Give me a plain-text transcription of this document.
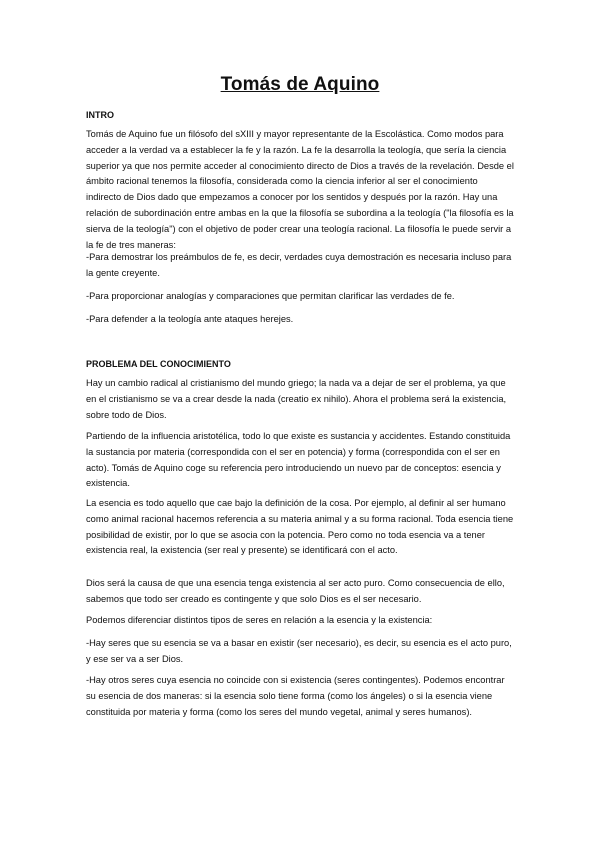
Tomás de Aquino
INTRO

Tomás de Aquino fue un filósofo del sXIII y mayor representante de la Escolástica. Como modos para acceder a la verdad va a establecer la fe y la razón. La fe la desarrolla la teología, que sería la ciencia superior ya que nos permite acceder al conocimiento directo de Dios a través de la revelación. Desde el ámbito racional tenemos la filosofía, considerada como la ciencia inferior al ser el conocimiento indirecto de Dios dado que empezamos a conocer por los sentidos y después por la razón. Hay una relación de subordinación entre ambas en la que la filosofía se subordina a la teología ("la filosofía es la sierva de la teología") con el objetivo de poder crear una teología racional. La filosofía le puede servir a la fe de tres maneras:

-Para demostrar los preámbulos de fe, es decir, verdades cuya demostración es necesaria incluso para la gente creyente.

-Para proporcionar analogías y comparaciones que permitan clarificar las verdades de fe.

-Para defender a la teología ante ataques herejes.

PROBLEMA DEL CONOCIMIENTO

Hay un cambio radical al cristianismo del mundo griego; la nada va a dejar de ser el problema, ya que en el cristianismo se va a crear desde la nada (creatio ex nihilo). Ahora el problema será la existencia, sobre todo de Dios.

Partiendo de la influencia aristotélica, todo lo que existe es sustancia y accidentes. Estando constituida la sustancia por materia (correspondida con el ser en potencia) y forma (correspondida con el ser en acto). Tomás de Aquino coge su referencia pero introduciendo un nuevo par de conceptos: esencia y existencia.

La esencia es todo aquello que cae bajo la definición de la cosa. Por ejemplo, al definir al ser humano como animal racional hacemos referencia a su materia animal y a su forma racional. Toda esencia tiene posibilidad de existir, por lo que se asocia con la potencia. Pero como no toda esencia va a tener existencia real, la existencia (ser real y presente) se identificará con el acto.

Dios será la causa de que una esencia tenga existencia al ser acto puro. Como consecuencia de ello, sabemos que todo ser creado es contingente y que solo Dios es el ser necesario.

Podemos diferenciar distintos tipos de seres en relación a la esencia y la existencia:

-Hay seres que su esencia se va a basar en existir (ser necesario), es decir, su esencia es el acto puro, y ese ser va a ser Dios.

-Hay otros seres cuya esencia no coincide con si existencia (seres contingentes). Podemos encontrar su esencia de dos maneras: si la esencia solo tiene forma (como los ángeles) o si la esencia viene constituida por materia y forma (como los seres del mundo vegetal, animal y seres humanos).
